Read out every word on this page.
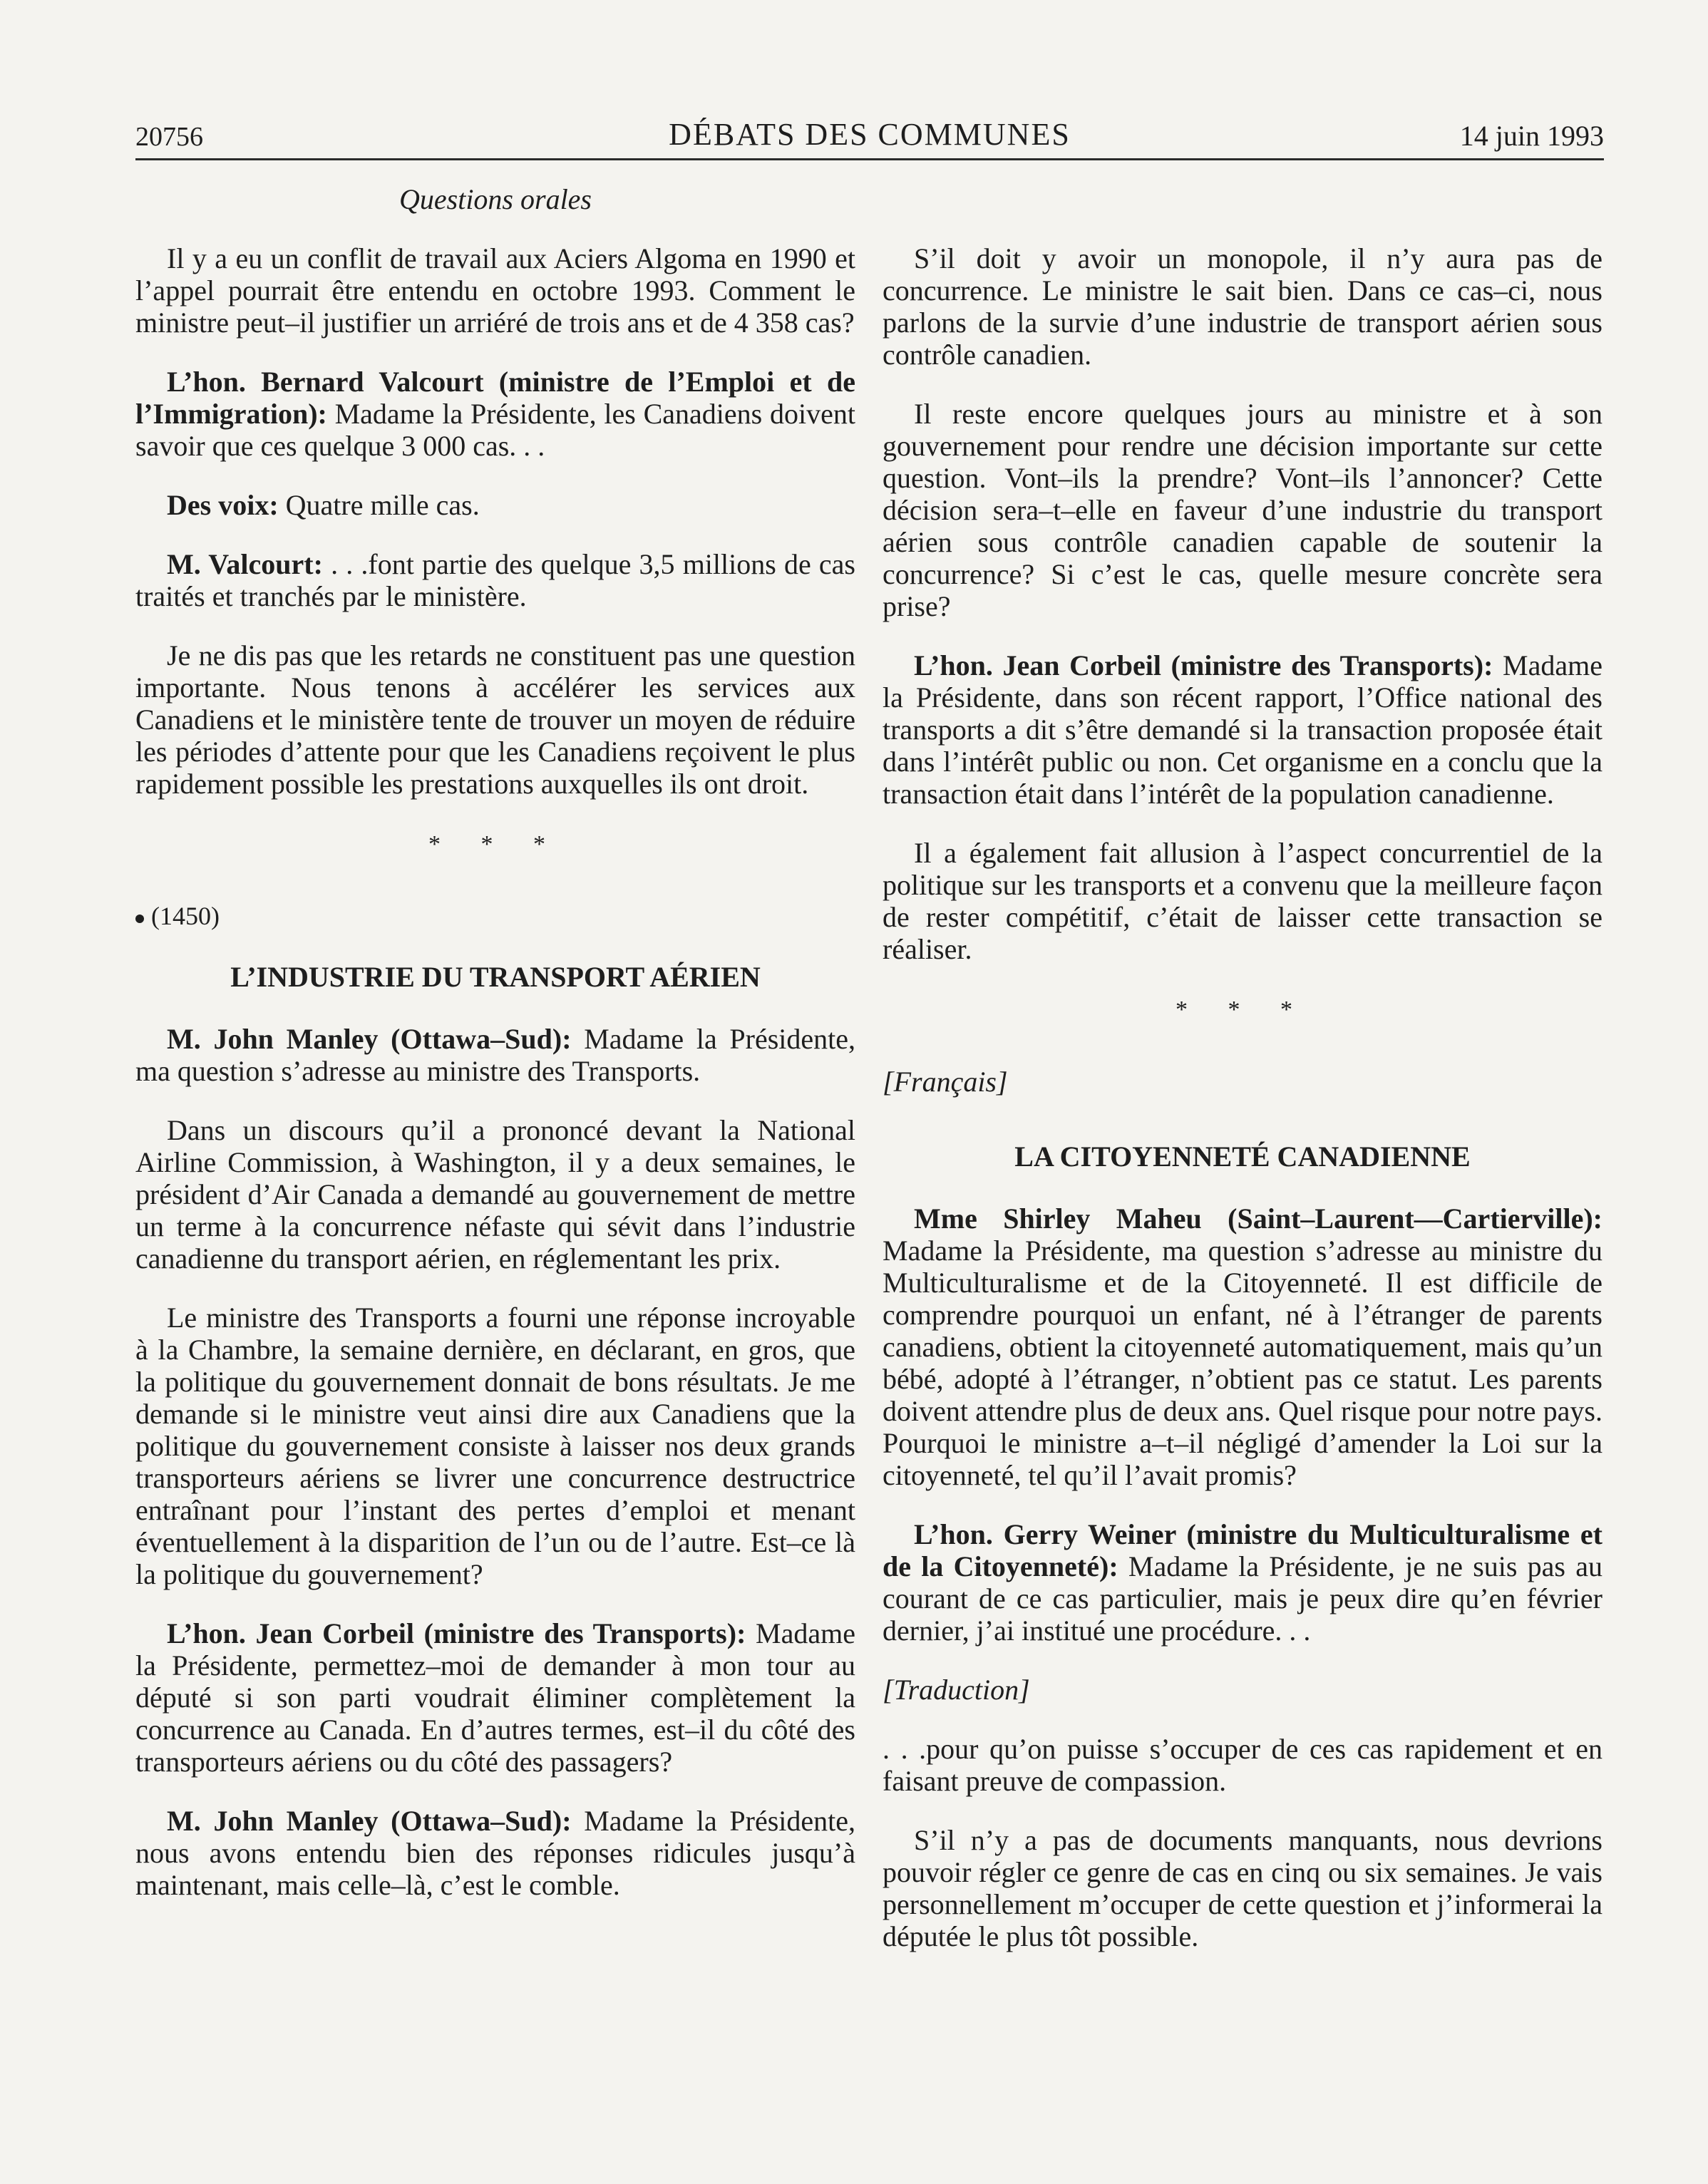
20756	DÉBATS DES COMMUNES	14 juin 1993
Questions orales

Il y a eu un conflit de travail aux Aciers Algoma en 1990 et l’appel pourrait être entendu en octobre 1993. Comment le ministre peut–il justifier un arriéré de trois ans et de 4 358 cas?

L’hon. Bernard Valcourt (ministre de l’Emploi et de l’Immigration): Madame la Présidente, les Canadiens doivent savoir que ces quelque 3 000 cas. . .

Des voix: Quatre mille cas.

M. Valcourt: . . .font partie des quelque 3,5 millions de cas traités et tranchés par le ministère.

Je ne dis pas que les retards ne constituent pas une question importante. Nous tenons à accélérer les services aux Canadiens et le ministère tente de trouver un moyen de réduire les périodes d’attente pour que les Canadiens reçoivent le plus rapidement possible les prestations auxquelles ils ont droit.

* * *

(1450)

L’INDUSTRIE DU TRANSPORT AÉRIEN

M. John Manley (Ottawa–Sud): Madame la Présidente, ma question s’adresse au ministre des Transports.

Dans un discours qu’il a prononcé devant la National Airline Commission, à Washington, il y a deux semaines, le président d’Air Canada a demandé au gouvernement de mettre un terme à la concurrence néfaste qui sévit dans l’industrie canadienne du transport aérien, en réglementant les prix.

Le ministre des Transports a fourni une réponse incroyable à la Chambre, la semaine dernière, en déclarant, en gros, que la politique du gouvernement donnait de bons résultats. Je me demande si le ministre veut ainsi dire aux Canadiens que la politique du gouvernement consiste à laisser nos deux grands transporteurs aériens se livrer une concurrence destructrice entraînant pour l’instant des pertes d’emploi et menant éventuellement à la disparition de l’un ou de l’autre. Est–ce là la politique du gouvernement?

L’hon. Jean Corbeil (ministre des Transports): Madame la Présidente, permettez–moi de demander à mon tour au député si son parti voudrait éliminer complètement la concurrence au Canada. En d’autres termes, est–il du côté des transporteurs aériens ou du côté des passagers?

M. John Manley (Ottawa–Sud): Madame la Présidente, nous avons entendu bien des réponses ridicules jusqu’à maintenant, mais celle–là, c’est le comble.

S’il doit y avoir un monopole, il n’y aura pas de concurrence. Le ministre le sait bien. Dans ce cas–ci, nous parlons de la survie d’une industrie de transport aérien sous contrôle canadien.

Il reste encore quelques jours au ministre et à son gouvernement pour rendre une décision importante sur cette question. Vont–ils la prendre? Vont–ils l’annoncer? Cette décision sera–t–elle en faveur d’une industrie du transport aérien sous contrôle canadien capable de soutenir la concurrence? Si c’est le cas, quelle mesure concrète sera prise?

L’hon. Jean Corbeil (ministre des Transports): Madame la Présidente, dans son récent rapport, l’Office national des transports a dit s’être demandé si la transaction proposée était dans l’intérêt public ou non. Cet organisme en a conclu que la transaction était dans l’intérêt de la population canadienne.

Il a également fait allusion à l’aspect concurrentiel de la politique sur les transports et a convenu que la meilleure façon de rester compétitif, c’était de laisser cette transaction se réaliser.

* * *

[Français]

LA CITOYENNETÉ CANADIENNE

Mme Shirley Maheu (Saint–Laurent—Cartierville): Madame la Présidente, ma question s’adresse au ministre du Multiculturalisme et de la Citoyenneté. Il est difficile de comprendre pourquoi un enfant, né à l’étranger de parents canadiens, obtient la citoyenneté automatiquement, mais qu’un bébé, adopté à l’étranger, n’obtient pas ce statut. Les parents doivent attendre plus de deux ans. Quel risque pour notre pays. Pourquoi le ministre a–t–il négligé d’amender la Loi sur la citoyenneté, tel qu’il l’avait promis?

L’hon. Gerry Weiner (ministre du Multiculturalisme et de la Citoyenneté): Madame la Présidente, je ne suis pas au courant de ce cas particulier, mais je peux dire qu’en février dernier, j’ai institué une procédure. . .

[Traduction]

. . .pour qu’on puisse s’occuper de ces cas rapidement et en faisant preuve de compassion.

S’il n’y a pas de documents manquants, nous devrions pouvoir régler ce genre de cas en cinq ou six semaines. Je vais personnellement m’occuper de cette question et j’informerai la députée le plus tôt possible.
